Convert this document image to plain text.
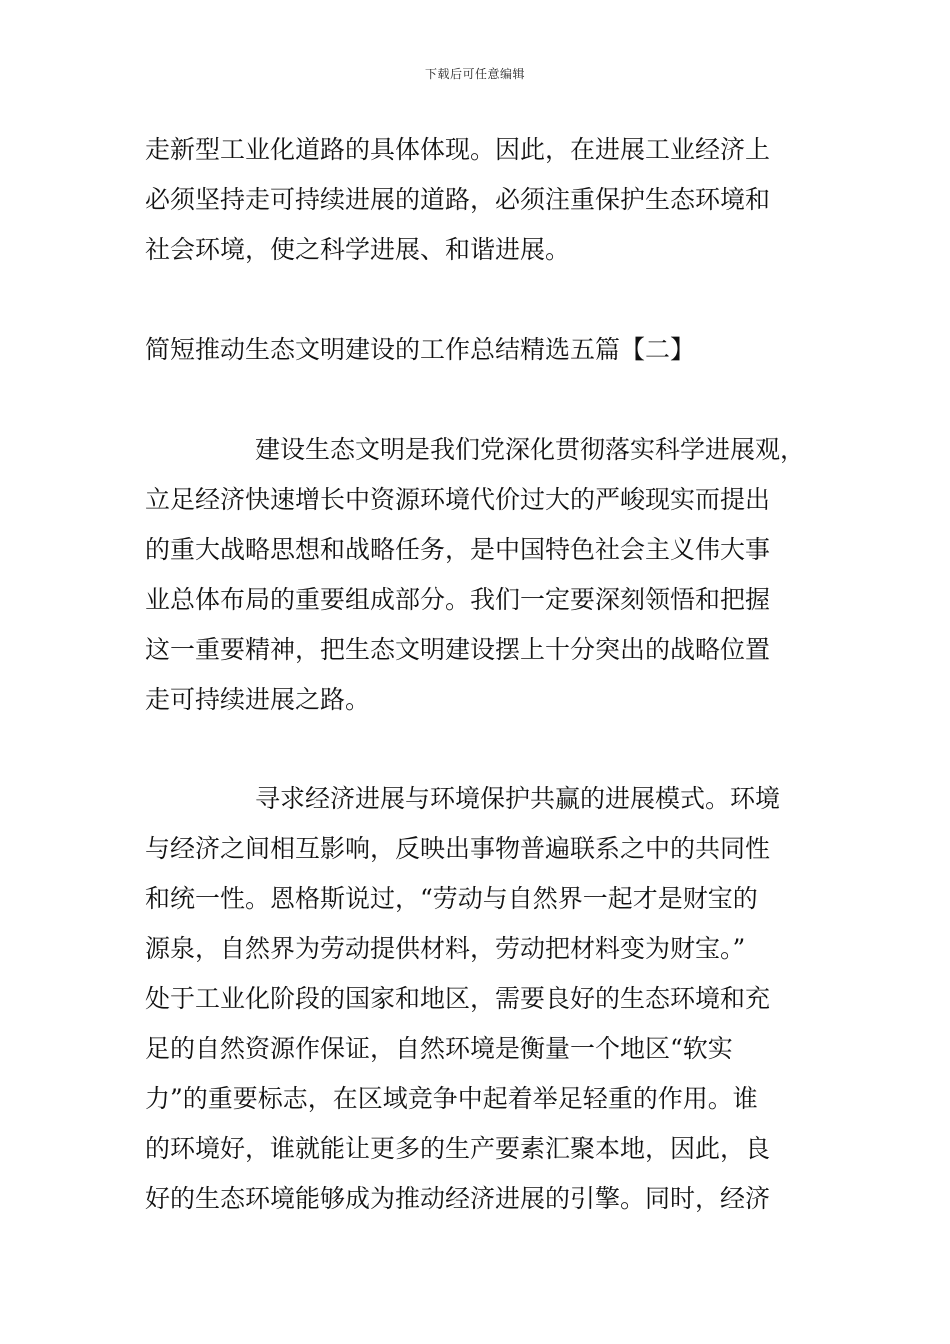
下载后可任意编辑
走新型工业化道路的具体体现。因此，在进展工业经济上
必须坚持走可持续进展的道路，必须注重保护生态环境和
社会环境，使之科学进展、和谐进展。
简短推动生态文明建设的工作总结精选五篇【二】
建设生态文明是我们党深化贯彻落实科学进展观，
立足经济快速增长中资源环境代价过大的严峻现实而提出
的重大战略思想和战略任务，是中国特色社会主义伟大事
业总体布局的重要组成部分。我们一定要深刻领悟和把握
这一重要精神，把生态文明建设摆上十分突出的战略位置
走可持续进展之路。
寻求经济进展与环境保护共赢的进展模式。环境
与经济之间相互影响，反映出事物普遍联系之中的共同性
和统一性。恩格斯说过，“劳动与自然界一起才是财宝的
源泉，自然界为劳动提供材料，劳动把材料变为财宝。”
处于工业化阶段的国家和地区，需要良好的生态环境和充
足的自然资源作保证，自然环境是衡量一个地区“软实
力”的重要标志，在区域竞争中起着举足轻重的作用。谁
的环境好，谁就能让更多的生产要素汇聚本地，因此，良
好的生态环境能够成为推动经济进展的引擎。同时，经济
